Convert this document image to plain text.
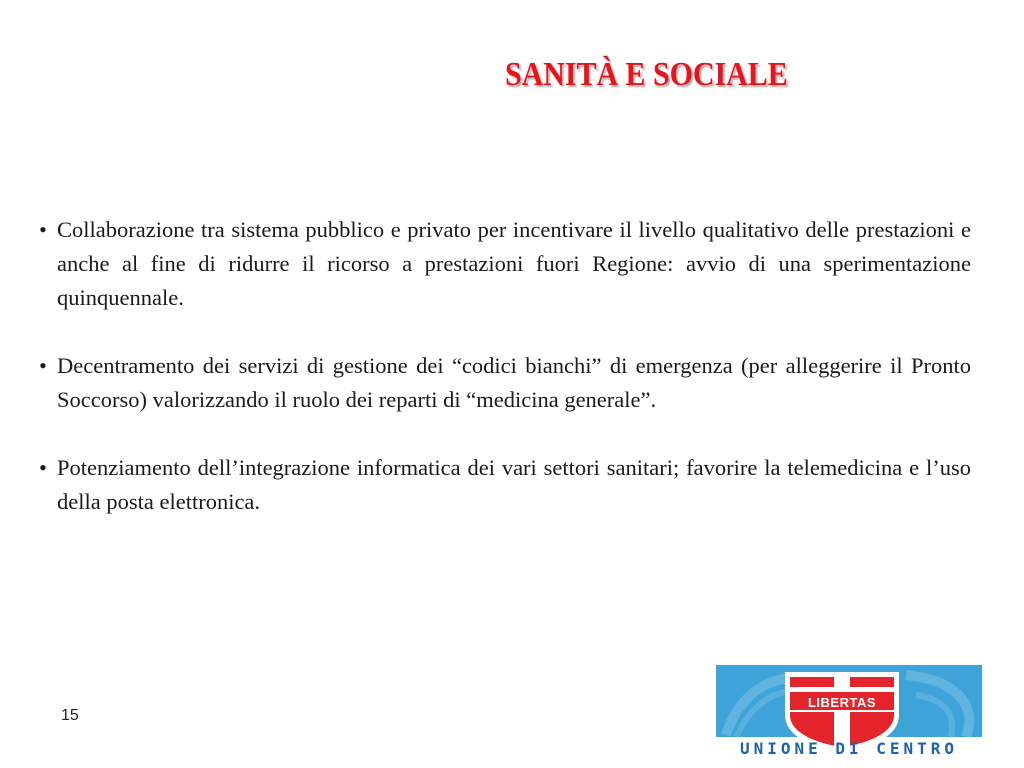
SANITÀ E SOCIALE
• Collaborazione tra sistema pubblico e privato per incentivare il livello qualitativo delle prestazioni e anche al fine di ridurre il ricorso a prestazioni fuori Regione: avvio di una sperimentazione quinquennale.
• Decentramento dei servizi di gestione dei “codici bianchi” di emergenza (per alleggerire il Pronto Soccorso) valorizzando il ruolo dei reparti di “medicina generale”.
• Potenziamento dell’integrazione informatica dei vari settori sanitari; favorire la telemedicina e l’uso della posta elettronica.
15
LIBERTAS
UNIONE DI CENTRO
